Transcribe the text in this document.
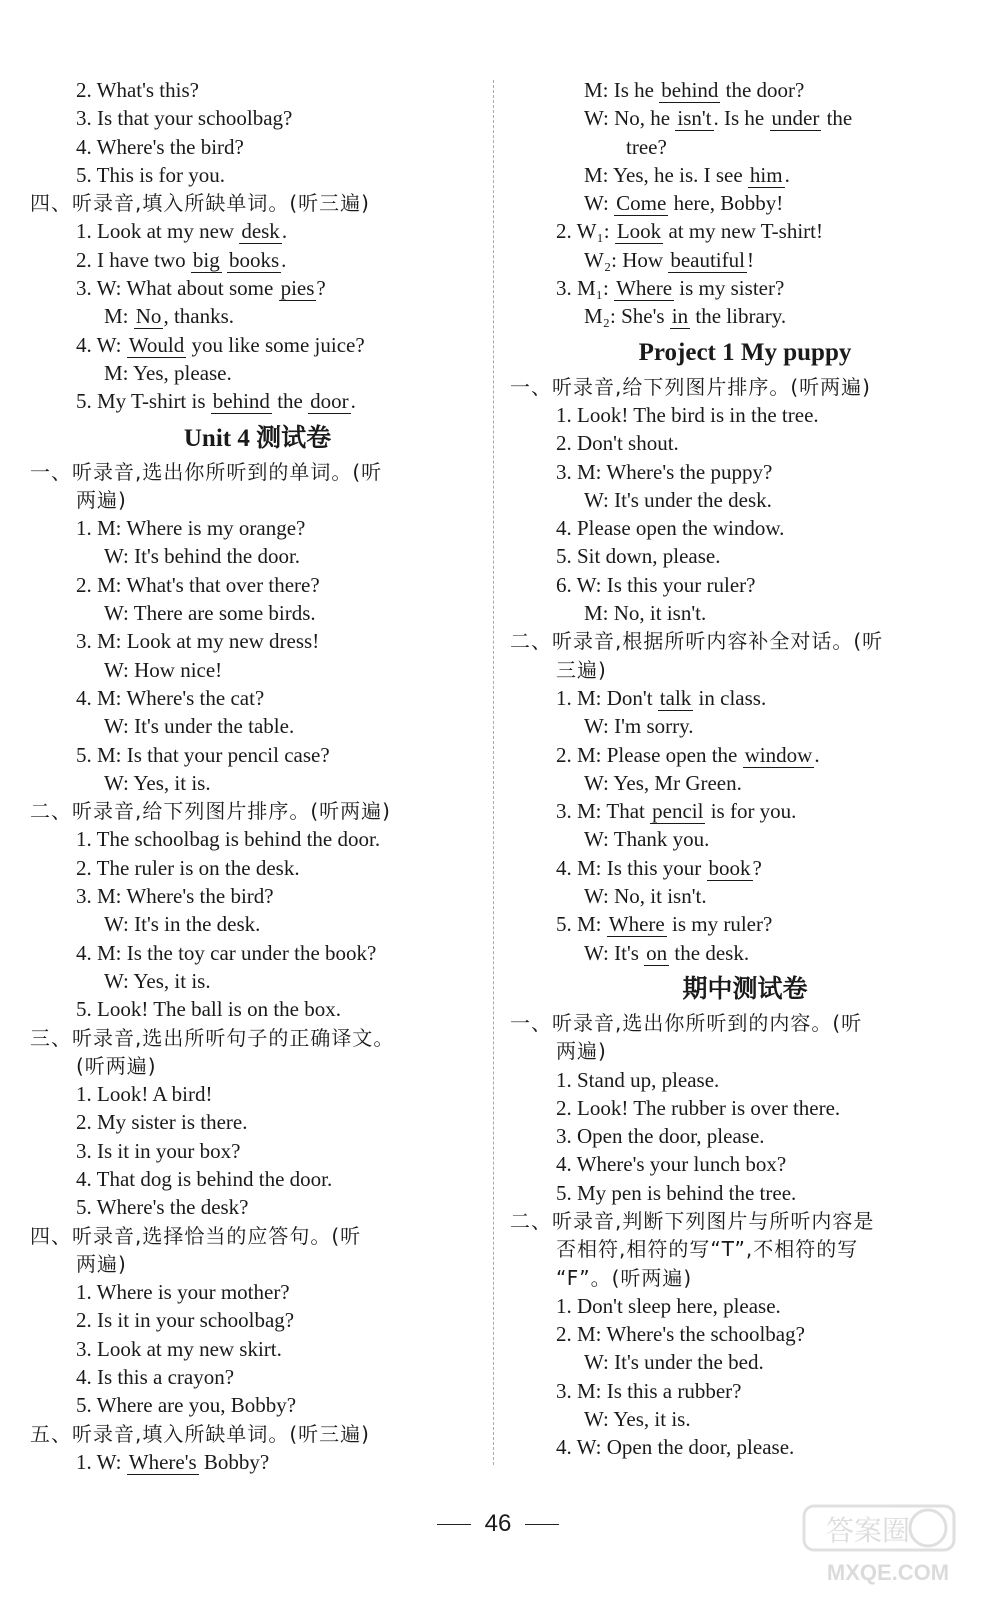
2. What's this?
3. Is that your schoolbag?
4. Where's the bird?
5. This is for you.
四、听录音,填入所缺单词。(听三遍)
1. Look at my new desk.
2. I have two big books.
3. W: What about some pies?
M: No, thanks.
4. W: Would you like some juice?
M: Yes, please.
5. My T-shirt is behind the door.
Unit 4 测试卷
一、听录音,选出你所听到的单词。(听
两遍)
1. M: Where is my orange?
W: It's behind the door.
2. M: What's that over there?
W: There are some birds.
3. M: Look at my new dress!
W: How nice!
4. M: Where's the cat?
W: It's under the table.
5. M: Is that your pencil case?
W: Yes, it is.
二、听录音,给下列图片排序。(听两遍)
1. The schoolbag is behind the door.
2. The ruler is on the desk.
3. M: Where's the bird?
W: It's in the desk.
4. M: Is the toy car under the book?
W: Yes, it is.
5. Look! The ball is on the box.
三、听录音,选出所听句子的正确译文。
(听两遍)
1. Look! A bird!
2. My sister is there.
3. Is it in your box?
4. That dog is behind the door.
5. Where's the desk?
四、听录音,选择恰当的应答句。(听
两遍)
1. Where is your mother?
2. Is it in your schoolbag?
3. Look at my new skirt.
4. Is this a crayon?
5. Where are you, Bobby?
五、听录音,填入所缺单词。(听三遍)
1. W: Where's Bobby?
M: Is he behind the door?
W: No, he isn't. Is he under the
tree?
M: Yes, he is. I see him.
W: Come here, Bobby!
2. W₁: Look at my new T-shirt!
W₂: How beautiful!
3. M₁: Where is my sister?
M₂: She's in the library.
Project 1 My puppy
一、听录音,给下列图片排序。(听两遍)
1. Look! The bird is in the tree.
2. Don't shout.
3. M: Where's the puppy?
W: It's under the desk.
4. Please open the window.
5. Sit down, please.
6. W: Is this your ruler?
M: No, it isn't.
二、听录音,根据所听内容补全对话。(听
三遍)
1. M: Don't talk in class.
W: I'm sorry.
2. M: Please open the window.
W: Yes, Mr Green.
3. M: That pencil is for you.
W: Thank you.
4. M: Is this your book?
W: No, it isn't.
5. M: Where is my ruler?
W: It's on the desk.
期中测试卷
一、听录音,选出你所听到的内容。(听
两遍)
1. Stand up, please.
2. Look! The rubber is over there.
3. Open the door, please.
4. Where's your lunch box?
5. My pen is behind the tree.
二、听录音,判断下列图片与所听内容是
否相符,相符的写“T”,不相符的写
“F”。(听两遍)
1. Don't sleep here, please.
2. M: Where's the schoolbag?
W: It's under the bed.
3. M: Is this a rubber?
W: Yes, it is.
4. W: Open the door, please.
46	答案圈
MXQE.COM
